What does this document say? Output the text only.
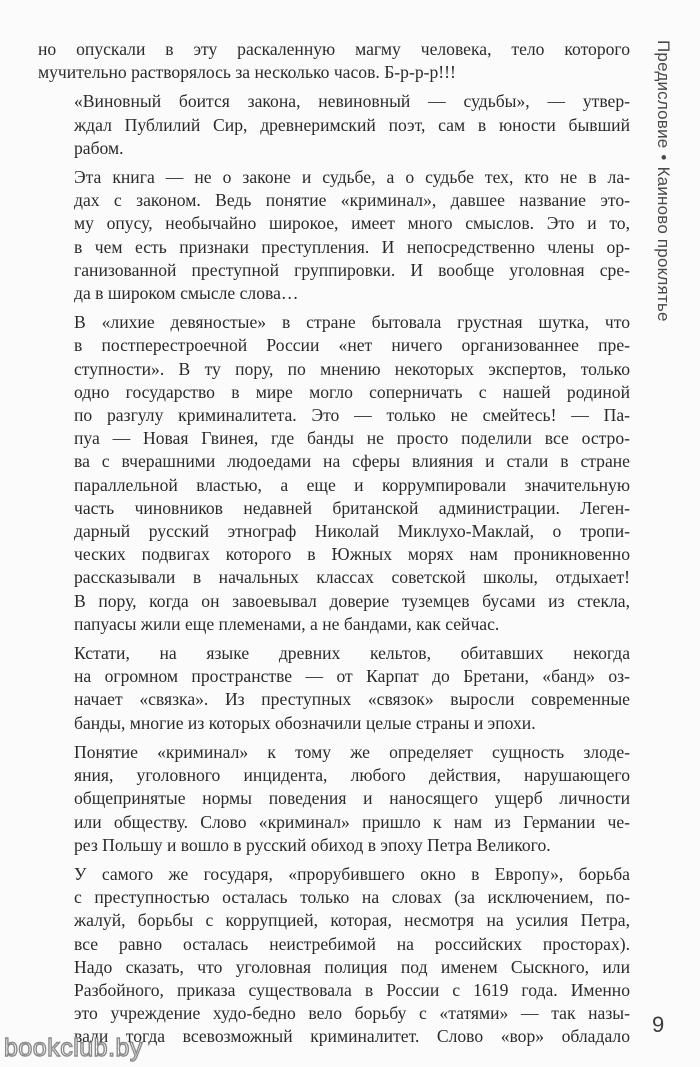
но опускали в эту раскаленную магму человека, тело которого
мучительно растворялось за несколько часов. Б-р-р-р!!!

«Виновный боится закона, невиновный — судьбы», — утвер-
ждал Публилий Сир, древнеримский поэт, сам в юности бывший
рабом.

Эта книга — не о законе и судьбе, а о судьбе тех, кто не в ла-
дах с законом. Ведь понятие «криминал», давшее название это-
му опусу, необычайно широкое, имеет много смыслов. Это и то,
в чем есть признаки преступления. И непосредственно члены ор-
ганизованной преступной группировки. И вообще уголовная сре-
да в широком смысле слова…

В «лихие девяностые» в стране бытовала грустная шутка, что
в постперестроечной России «нет ничего организованнее пре-
ступности». В ту пору, по мнению некоторых экспертов, только
одно государство в мире могло соперничать с нашей родиной
по разгулу криминалитета. Это — только не смейтесь! — Па-
пуа — Новая Гвинея, где банды не просто поделили все остро-
ва с вчерашними людоедами на сферы влияния и стали в стране
параллельной властью, а еще и коррумпировали значительную
часть чиновников недавней британской администрации. Леген-
дарный русский этнограф Николай Миклухо-Маклай, о тропи-
ческих подвигах которого в Южных морях нам проникновенно
рассказывали в начальных классах советской школы, отдыхает!
В пору, когда он завоевывал доверие туземцев бусами из стекла,
папуасы жили еще племенами, а не бандами, как сейчас.

Кстати, на языке древних кельтов, обитавших некогда
на огромном пространстве — от Карпат до Бретани, «банд» оз-
начает «связка». Из преступных «связок» выросли современные
банды, многие из которых обозначили целые страны и эпохи.

Понятие «криминал» к тому же определяет сущность злоде-
яния, уголовного инцидента, любого действия, нарушающего
общепринятые нормы поведения и наносящего ущерб личности
или обществу. Слово «криминал» пришло к нам из Германии че-
рез Польшу и вошло в русский обиход в эпоху Петра Великого.

У самого же государя, «прорубившего окно в Европу», борьба
с преступностью осталась только на словах (за исключением, по-
жалуй, борьбы с коррупцией, которая, несмотря на усилия Петра,
все равно осталась неистребимой на российских просторах).
Надо сказать, что уголовная полиция под именем Сыскного, или
Разбойного, приказа существовала в России с 1619 года. Именно
это учреждение худо-бедно вело борьбу с «татями» — так назы-
вали тогда всевозможный криминалитет. Слово «вор» обладало

Предисловие•Каиново проклятье
9
bookclub.by
